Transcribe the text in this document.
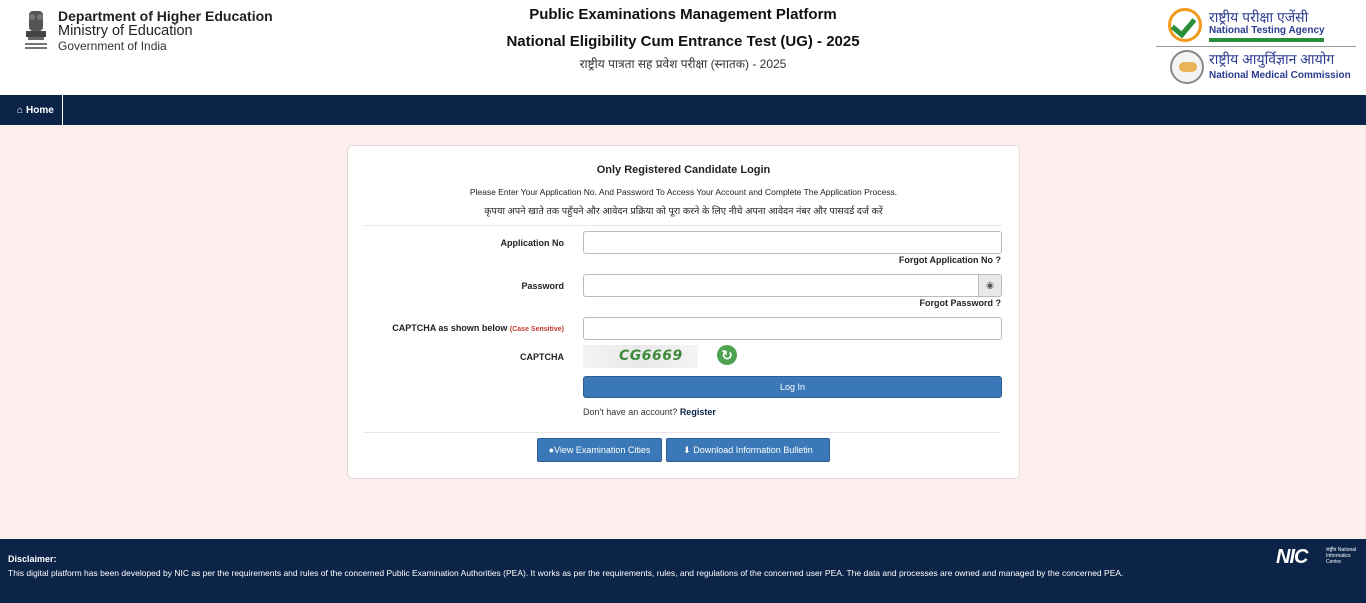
Department of Higher Education
Ministry of Education
Government of India
Public Examinations Management Platform
National Eligibility Cum Entrance Test (UG) - 2025
राष्ट्रीय पात्रता सह प्रवेश परीक्षा (स्नातक) - 2025
राष्ट्रीय परीक्षा एजेंसी
National Testing Agency
राष्ट्रीय आयुर्विज्ञान आयोग
National Medical Commission
⌂ Home
Only Registered Candidate Login
Please Enter Your Application No. And Password To Access Your Account and Complete The Application Process.
कृपया अपने खाते तक पहुँचने और आवेदन प्रक्रिया को पूरा करने के लिए नीचे अपना आवेदन नंबर और पासवर्ड दर्ज करें
Application No
Forgot Application No ?
Password	◉
Forgot Password ?
CAPTCHA as shown below (Case Sensitive)
CAPTCHA	CG6669	↻
Log In
Don't have an account? Register
●View Examination Cities	⬇ Download Information Bulletin
Disclaimer:
This digital platform has been developed by NIC as per the requirements and rules of the concerned Public Examination Authorities (PEA). It works as per the requirements, rules, and regulations of the concerned user PEA. The data and processes are owned and managed by the concerned PEA.
NIC	राष्ट्रीय National Informatics Centre
